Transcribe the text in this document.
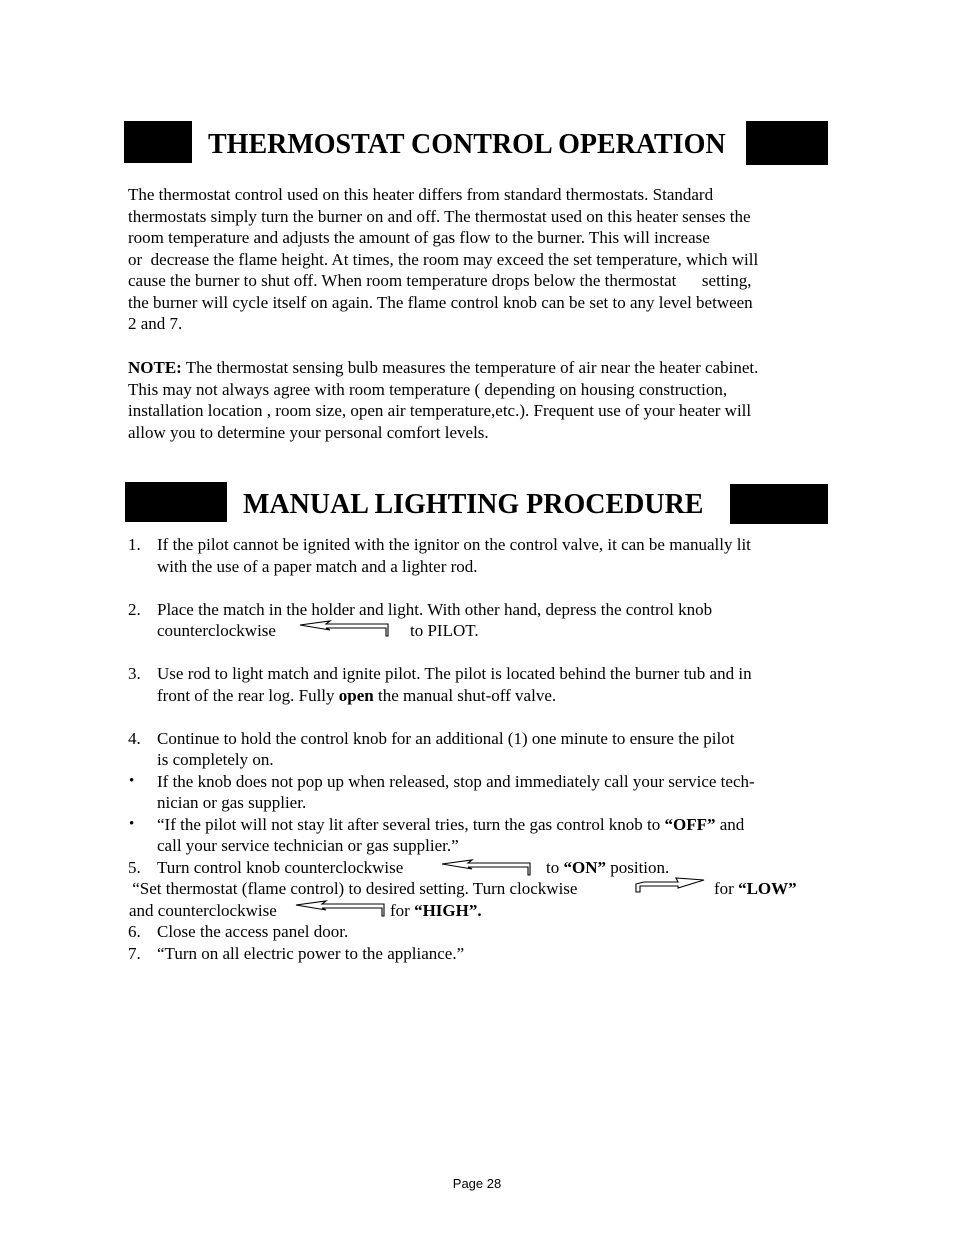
THERMOSTAT CONTROL OPERATION
The thermostat control used on this heater differs from standard thermostats. Standard
thermostats simply turn the burner on and off. The thermostat used on this heater senses the
room temperature and adjusts the amount of gas flow to the burner. This will increase
or  decrease the flame height. At times, the room may exceed the set temperature, which will
cause the burner to shut off. When room temperature drops below the thermostat      setting,
the burner will cycle itself on again. The flame control knob can be set to any level between
2 and 7.
NOTE: The thermostat sensing bulb measures the temperature of air near the heater cabinet.
This may not always agree with room temperature ( depending on housing construction,
installation location , room size, open air temperature,etc.). Frequent use of your heater will
allow you to determine your personal comfort levels.
MANUAL LIGHTING PROCEDURE
1. If the pilot cannot be ignited with the ignitor on the control valve, it can be manually lit
with the use of a paper match and a lighter rod.
2. Place the match in the holder and light. With other hand, depress the control knob
counterclockwise	to PILOT.
3. Use rod to light match and ignite pilot. The pilot is located behind the burner tub and in
front of the rear log. Fully open the manual shut-off valve.
4. Continue to hold the control knob for an additional (1) one minute to ensure the pilot
is completely on.
• If the knob does not pop up when released, stop and immediately call your service tech-
nician or gas supplier.
• “If the pilot will not stay lit after several tries, turn the gas control knob to “OFF” and
call your service technician or gas supplier.”
5. Turn control knob counterclockwise	to “ON” position.
“Set thermostat (flame control) to desired setting. Turn clockwise	for “LOW”
and counterclockwise	for “HIGH”.
6. Close the access panel door.
7. “Turn on all electric power to the appliance.”
Page 28
